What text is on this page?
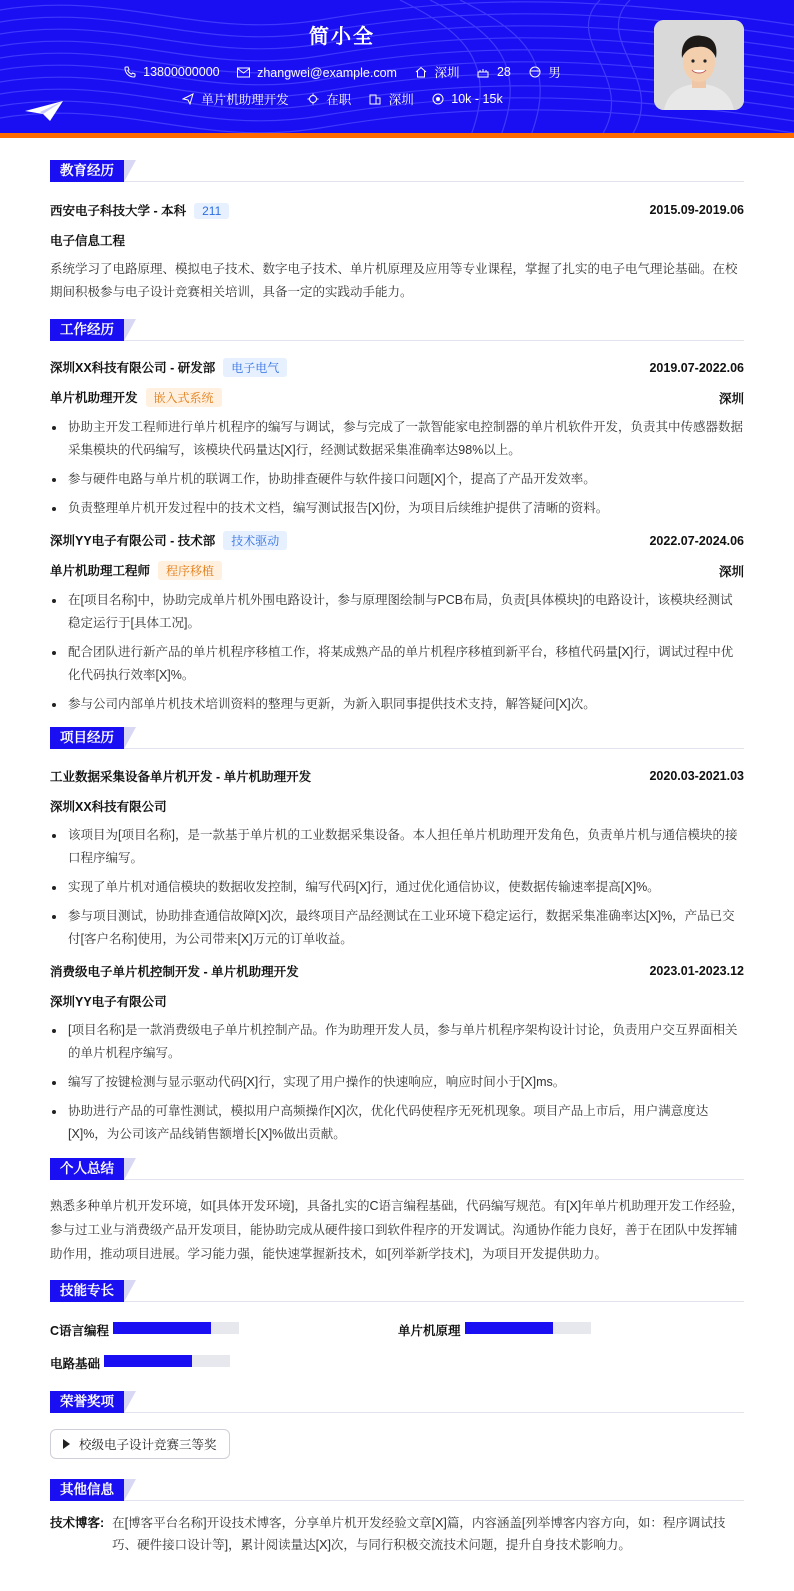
简小全
13800000000
	zhangwei@example.com
	深圳
	28
	男
单片机助理开发
	在职
	深圳
	10k - 15k
教育经历
西安电子科技大学 - 本科 211	2015.09-2019.06
电子信息工程
系统学习了电路原理、模拟电子技术、数字电子技术、单片机原理及应用等专业课程，掌握了扎实的电子电气理论基础。在校期间积极参与电子设计竞赛相关培训，具备一定的实践动手能力。
工作经历
深圳XX科技有限公司 - 研发部 电子电气	2019.07-2022.06
单片机助理开发 嵌入式系统	深圳
协助主开发工程师进行单片机程序的编写与调试，参与完成了一款智能家电控制器的单片机软件开发，负责其中传感器数据采集模块的代码编写，该模块代码量达[X]行，经测试数据采集准确率达98%以上。
参与硬件电路与单片机的联调工作，协助排查硬件与软件接口问题[X]个，提高了产品开发效率。
负责整理单片机开发过程中的技术文档，编写测试报告[X]份，为项目后续维护提供了清晰的资料。
深圳YY电子有限公司 - 技术部 技术驱动	2022.07-2024.06
单片机助理工程师 程序移植	深圳
在[项目名称]中，协助完成单片机外围电路设计，参与原理图绘制与PCB布局，负责[具体模块]的电路设计，该模块经测试稳定运行于[具体工况]。
配合团队进行新产品的单片机程序移植工作，将某成熟产品的单片机程序移植到新平台，移植代码量[X]行，调试过程中优化代码执行效率[X]%。
参与公司内部单片机技术培训资料的整理与更新，为新入职同事提供技术支持，解答疑问[X]次。
项目经历
工业数据采集设备单片机开发 - 单片机助理开发	2020.03-2021.03
深圳XX科技有限公司
该项目为[项目名称]，是一款基于单片机的工业数据采集设备。本人担任单片机助理开发角色，负责单片机与通信模块的接口程序编写。
实现了单片机对通信模块的数据收发控制，编写代码[X]行，通过优化通信协议，使数据传输速率提高[X]%。
参与项目测试，协助排查通信故障[X]次，最终项目产品经测试在工业环境下稳定运行，数据采集准确率达[X]%，产品已交付[客户名称]使用，为公司带来[X]万元的订单收益。
消费级电子单片机控制开发 - 单片机助理开发	2023.01-2023.12
深圳YY电子有限公司
[项目名称]是一款消费级电子单片机控制产品。作为助理开发人员，参与单片机程序架构设计讨论，负责用户交互界面相关的单片机程序编写。
编写了按键检测与显示驱动代码[X]行，实现了用户操作的快速响应，响应时间小于[X]ms。
协助进行产品的可靠性测试，模拟用户高频操作[X]次，优化代码使程序无死机现象。项目产品上市后，用户满意度达[X]%，为公司该产品线销售额增长[X]%做出贡献。
个人总结
熟悉多种单片机开发环境，如[具体开发环境]，具备扎实的C语言编程基础，代码编写规范。有[X]年单片机助理开发工作经验，参与过工业与消费级产品开发项目，能协助完成从硬件接口到软件程序的开发调试。沟通协作能力良好，善于在团队中发挥辅助作用，推动项目进展。学习能力强，能快速掌握新技术，如[列举新学技术]，为项目开发提供助力。
技能专长
C语言编程	单片机原理
电路基础
荣誉奖项
校级电子设计竞赛三等奖
其他信息
技术博客: 在[博客平台名称]开设技术博客，分享单片机开发经验文章[X]篇，内容涵盖[列举博客内容方向，如：程序调试技巧、硬件接口设计等]，累计阅读量达[X]次，与同行积极交流技术问题，提升自身技术影响力。
